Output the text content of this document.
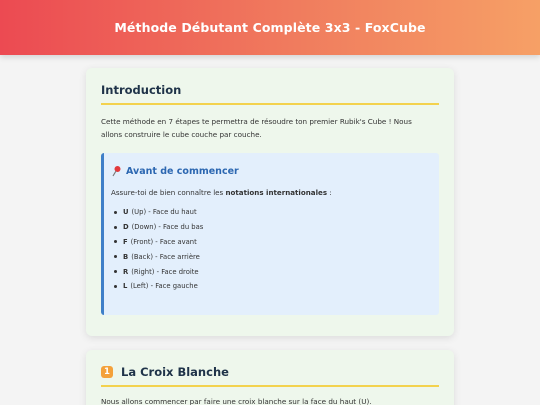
Méthode Débutant Complète 3x3 - FoxCube
Introduction

Cette méthode en 7 étapes te permettra de résoudre ton premier Rubik's Cube ! Nous allons construire le cube couche par couche.

Avant de commencer

Assure-toi de bien connaître les notations internationales :

U (Up) - Face du haut
D (Down) - Face du bas
F (Front) - Face avant
B (Back) - Face arrière
R (Right) - Face droite
L (Left) - Face gauche
1 La Croix Blanche

Nous allons commencer par faire une croix blanche sur la face du haut (U).
